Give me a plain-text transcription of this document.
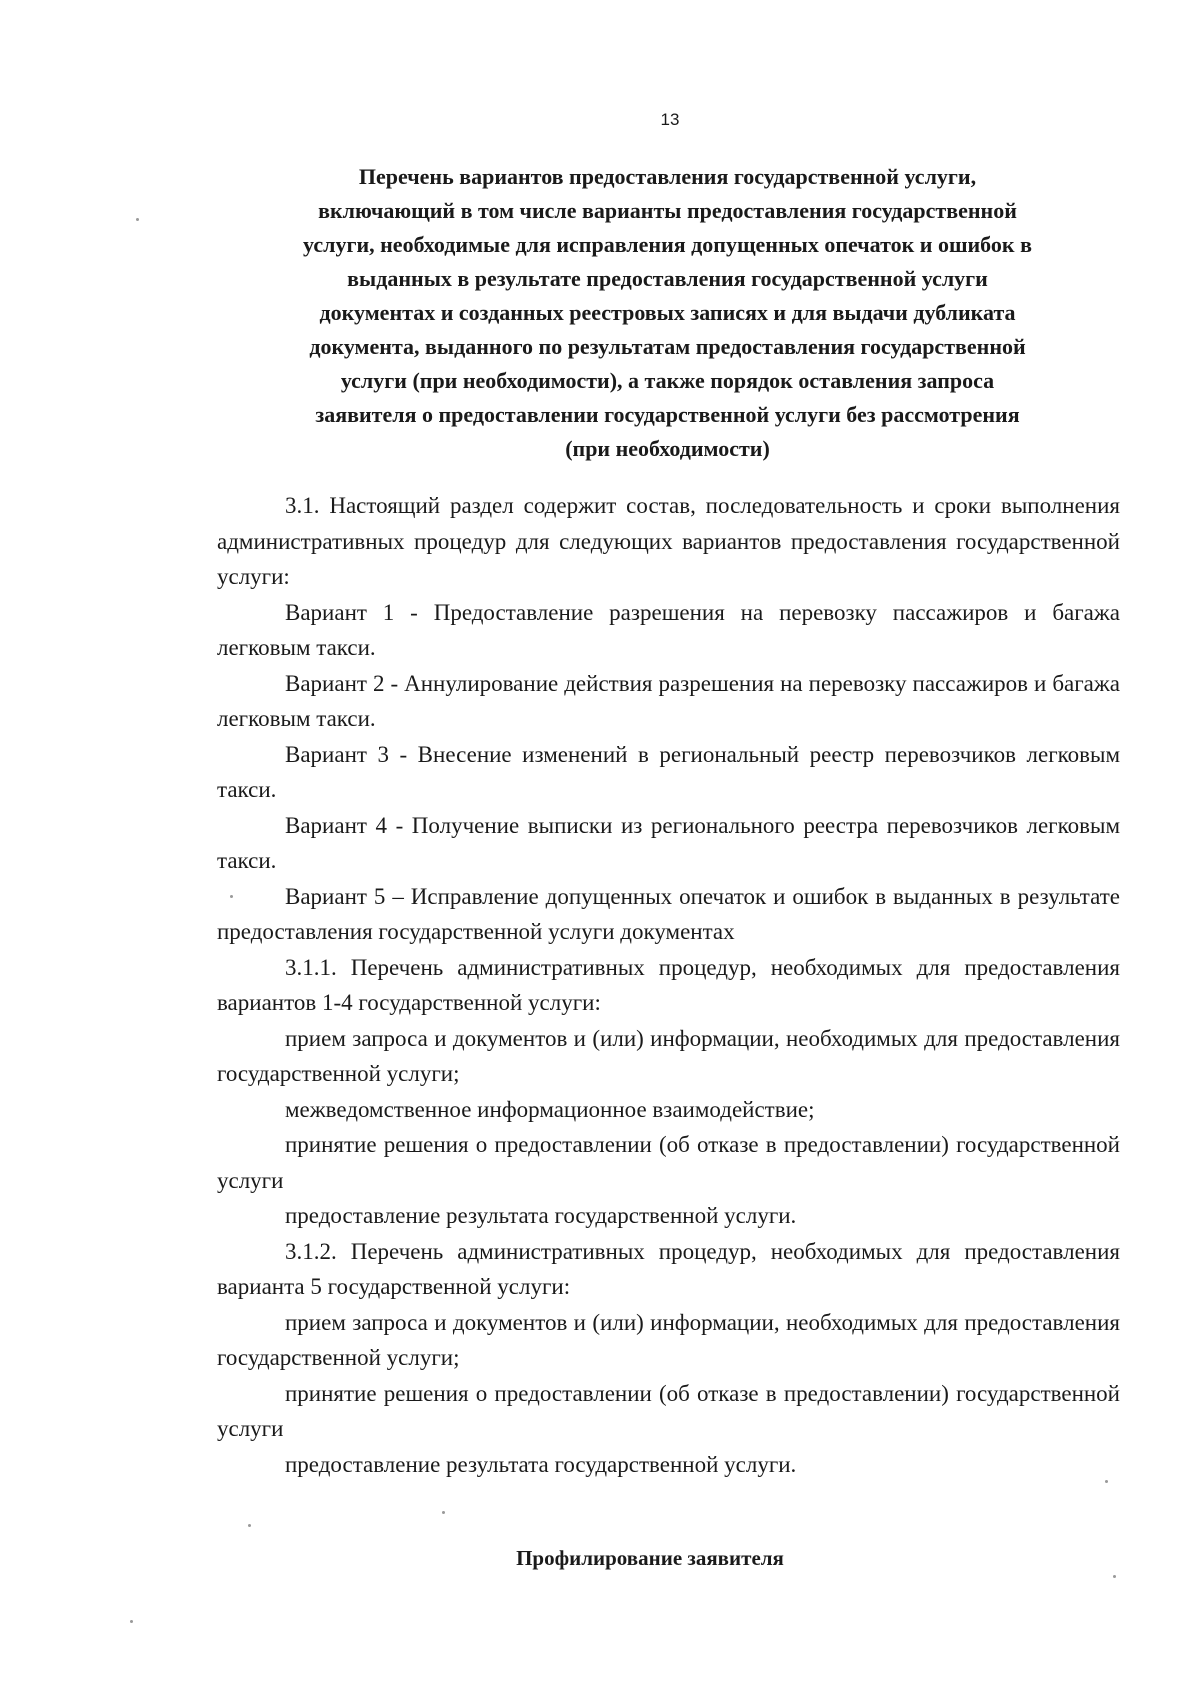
13
Перечень вариантов предоставления государственной услуги,
включающий в том числе варианты предоставления государственной
услуги, необходимые для исправления допущенных опечаток и ошибок в
выданных в результате предоставления государственной услуги
документах и созданных реестровых записях и для выдачи дубликата
документа, выданного по результатам предоставления государственной
услуги (при необходимости), а также порядок оставления запроса
заявителя о предоставлении государственной услуги без рассмотрения
(при необходимости)

3.1. Настоящий раздел содержит состав, последовательность и сроки выполнения административных процедур для следующих вариантов предоставления государственной услуги:

Вариант 1 - Предоставление разрешения на перевозку пассажиров и багажа легковым такси.

Вариант 2 - Аннулирование действия разрешения на перевозку пассажиров и багажа легковым такси.

Вариант 3 - Внесение изменений в региональный реестр перевозчиков легковым такси.

Вариант 4 - Получение выписки из регионального реестра перевозчиков легковым такси.

Вариант 5 – Исправление допущенных опечаток и ошибок в выданных в результате предоставления государственной услуги документах

3.1.1. Перечень административных процедур, необходимых для предоставления вариантов 1-4 государственной услуги:

прием запроса и документов и (или) информации, необходимых для предоставления государственной услуги;

межведомственное информационное взаимодействие;

принятие решения о предоставлении (об отказе в предоставлении) государственной услуги

предоставление результата государственной услуги.

3.1.2. Перечень административных процедур, необходимых для предоставления варианта 5 государственной услуги:

прием запроса и документов и (или) информации, необходимых для предоставления государственной услуги;

принятие решения о предоставлении (об отказе в предоставлении) государственной услуги

предоставление результата государственной услуги.

Профилирование заявителя
